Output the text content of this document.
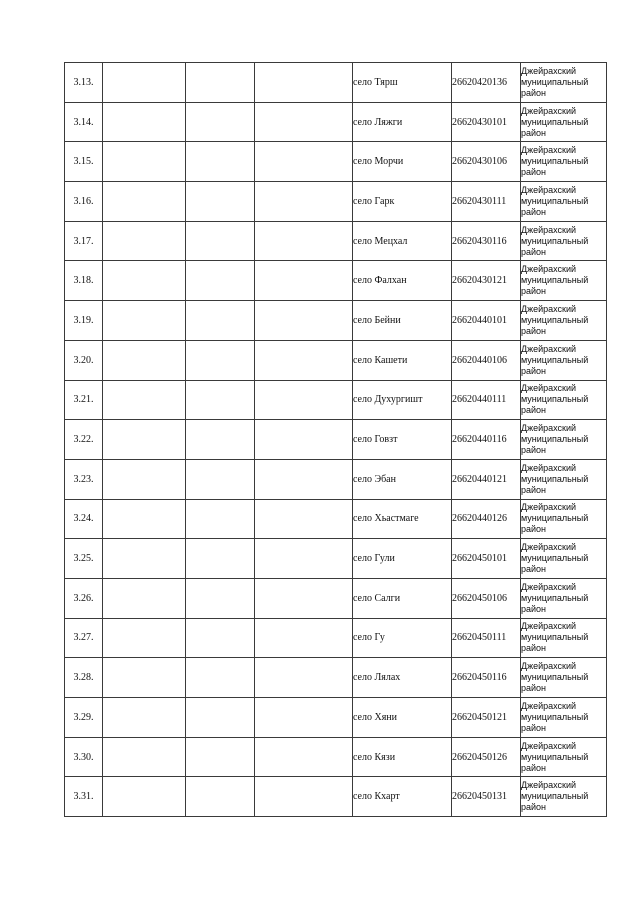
3.13.				село Тярш	26620420136	Джейрахский муниципальный район
3.14.				село Ляжги	26620430101	Джейрахский муниципальный район
3.15.				село Морчи	26620430106	Джейрахский муниципальный район
3.16.				село Гарк	26620430111	Джейрахский муниципальный район
3.17.				село Мецхал	26620430116	Джейрахский муниципальный район
3.18.				село Фалхан	26620430121	Джейрахский муниципальный район
3.19.				село Бейни	26620440101	Джейрахский муниципальный район
3.20.				село Кашети	26620440106	Джейрахский муниципальный район
3.21.				село Духургишт	26620440111	Джейрахский муниципальный район
3.22.				село Говзт	26620440116	Джейрахский муниципальный район
3.23.				село Эбан	26620440121	Джейрахский муниципальный район
3.24.				село Хьастмаге	26620440126	Джейрахский муниципальный район
3.25.				село Гули	26620450101	Джейрахский муниципальный район
3.26.				село Салги	26620450106	Джейрахский муниципальный район
3.27.				село Гу	26620450111	Джейрахский муниципальный район
3.28.				село Лялах	26620450116	Джейрахский муниципальный район
3.29.				село Хяни	26620450121	Джейрахский муниципальный район
3.30.				село Кязи	26620450126	Джейрахский муниципальный район
3.31.				село Кхарт	26620450131	Джейрахский муниципальный район
